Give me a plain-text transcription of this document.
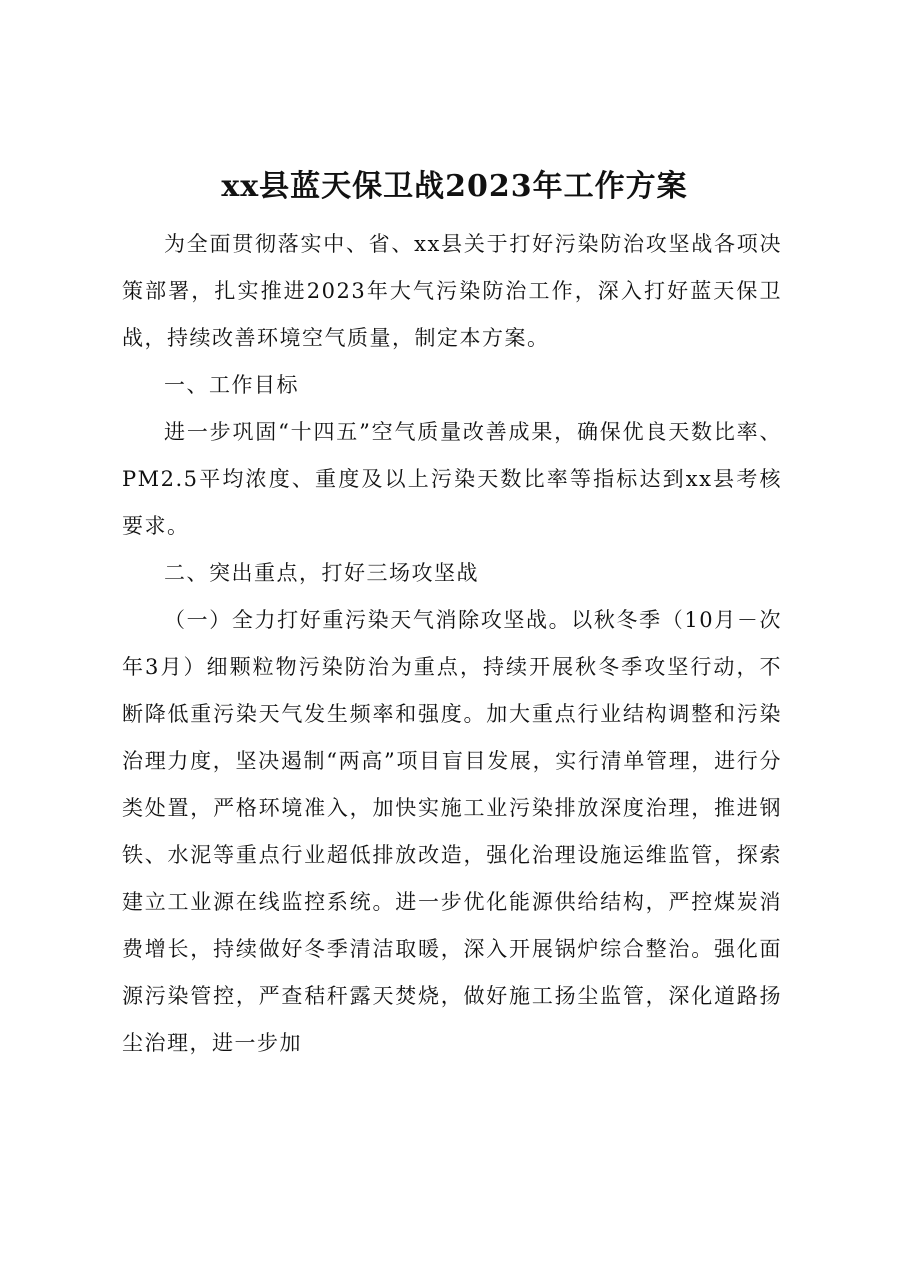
xx县蓝天保卫战2023年工作方案

为全面贯彻落实中、省、xx县关于打好污染防治攻坚战各项决策部署，扎实推进2023年大气污染防治工作，深入打好蓝天保卫战，持续改善环境空气质量，制定本方案。

一、工作目标

进一步巩固“十四五”空气质量改善成果，确保优良天数比率、PM2.5平均浓度、重度及以上污染天数比率等指标达到xx县考核要求。

二、突出重点，打好三场攻坚战

（一）全力打好重污染天气消除攻坚战。以秋冬季（10月－次年3月）细颗粒物污染防治为重点，持续开展秋冬季攻坚行动，不断降低重污染天气发生频率和强度。加大重点行业结构调整和污染治理力度，坚决遏制“两高”项目盲目发展，实行清单管理，进行分类处置，严格环境准入，加快实施工业污染排放深度治理，推进钢铁、水泥等重点行业超低排放改造，强化治理设施运维监管，探索建立工业源在线监控系统。进一步优化能源供给结构，严控煤炭消费增长，持续做好冬季清洁取暖，深入开展锅炉综合整治。强化面源污染管控，严查秸秆露天焚烧，做好施工扬尘监管，深化道路扬尘治理，进一步加
